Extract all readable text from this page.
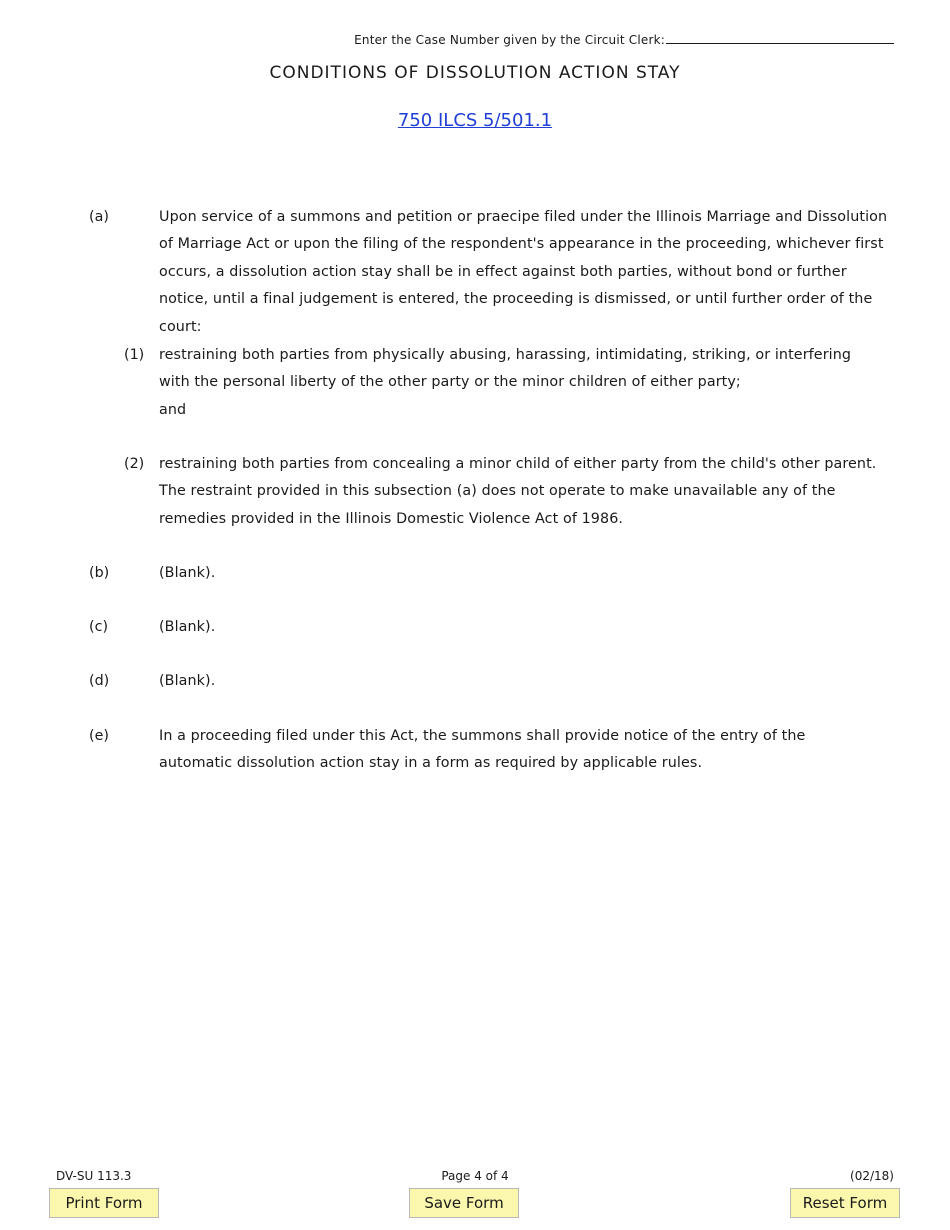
Enter the Case Number given by the Circuit Clerk:
CONDITIONS OF DISSOLUTION ACTION STAY
750 ILCS 5/501.1
(a)	Upon service of a summons and petition or praecipe filed under the Illinois Marriage and Dissolution of Marriage Act or upon the filing of the respondent's appearance in the proceeding, whichever first occurs, a dissolution action stay shall be in effect against both parties, without bond or further notice, until a final judgement is entered, the proceeding is dismissed, or until further order of the court:
(1) restraining both parties from physically abusing, harassing, intimidating, striking, or interfering with the personal liberty of the other party or the minor children of either party;
and
(2) restraining both parties from concealing a minor child of either party from the child's other parent. The restraint provided in this subsection (a) does not operate to make unavailable any of the remedies provided in the Illinois Domestic Violence Act of 1986.
(b)	(Blank).
(c)	(Blank).
(d)	(Blank).
(e)	In a proceeding filed under this Act, the summons shall provide notice of the entry of the automatic dissolution action stay in a form as required by applicable rules.
DV-SU 113.3	Page 4 of 4	(02/18)
Print Form	Save Form	Reset Form
